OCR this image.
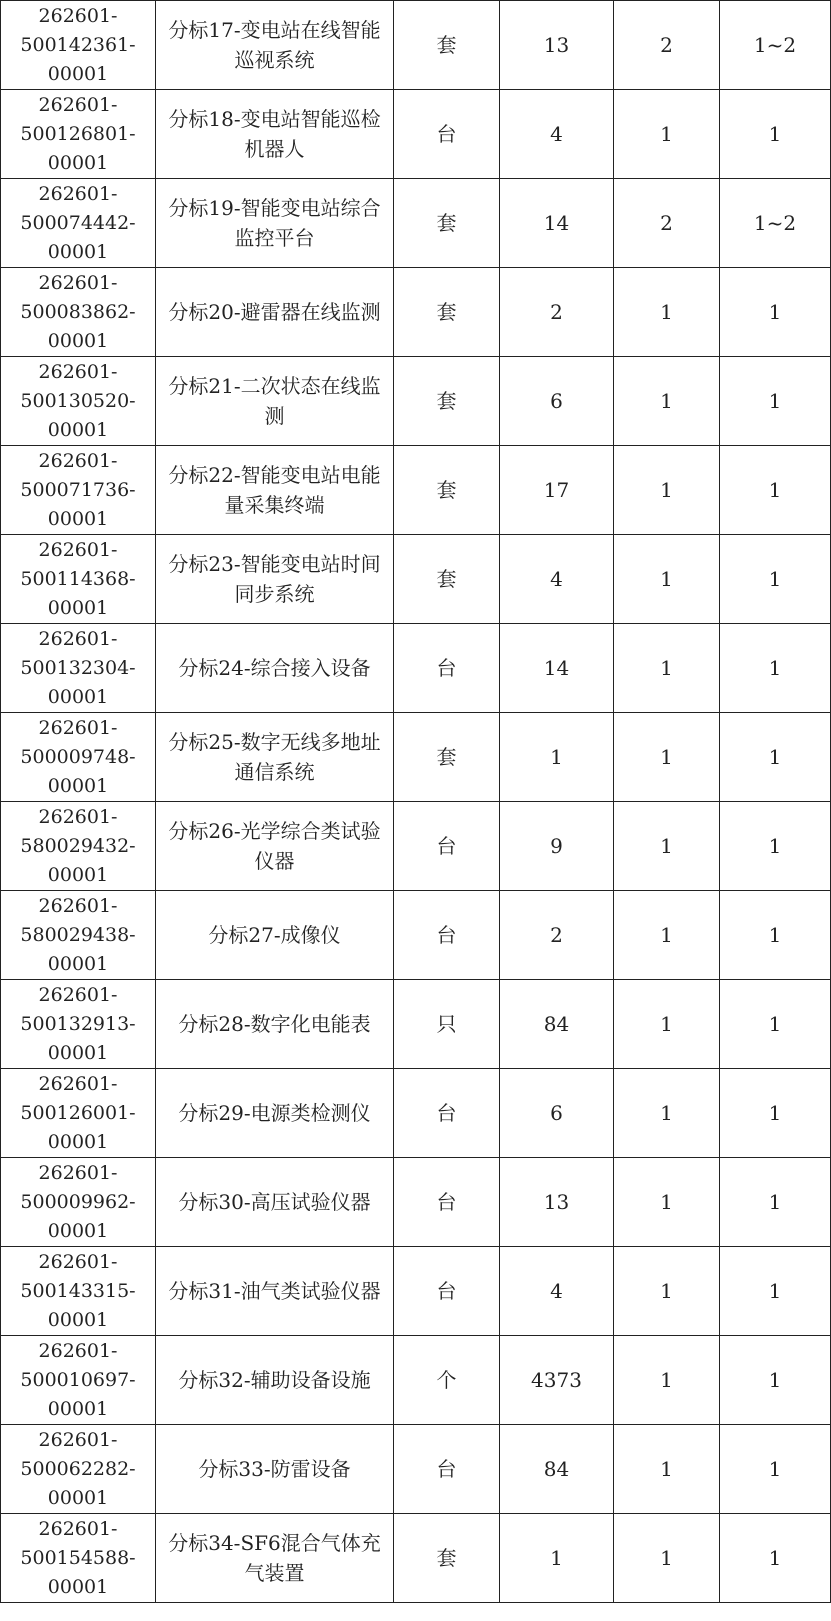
262601-
500142361-
00001	分标17-变电站在线智能巡视系统	套	13	2	1~2

262601-
500126801-
00001	分标18-变电站智能巡检机器人	台	4	1	1

262601-
500074442-
00001	分标19-智能变电站综合监控平台	套	14	2	1~2

262601-
500083862-
00001	分标20-避雷器在线监测	套	2	1	1

262601-
500130520-
00001	分标21-二次状态在线监测	套	6	1	1

262601-
500071736-
00001	分标22-智能变电站电能量采集终端	套	17	1	1

262601-
500114368-
00001	分标23-智能变电站时间同步系统	套	4	1	1

262601-
500132304-
00001	分标24-综合接入设备	台	14	1	1

262601-
500009748-
00001	分标25-数字无线多地址通信系统	套	1	1	1

262601-
580029432-
00001	分标26-光学综合类试验仪器	台	9	1	1

262601-
580029438-
00001	分标27-成像仪	台	2	1	1

262601-
500132913-
00001	分标28-数字化电能表	只	84	1	1

262601-
500126001-
00001	分标29-电源类检测仪	台	6	1	1

262601-
500009962-
00001	分标30-高压试验仪器	台	13	1	1

262601-
500143315-
00001	分标31-油气类试验仪器	台	4	1	1

262601-
500010697-
00001	分标32-辅助设备设施	个	4373	1	1

262601-
500062282-
00001	分标33-防雷设备	台	84	1	1

262601-
500154588-
00001	分标34-SF6混合气体充气装置	套	1	1	1
